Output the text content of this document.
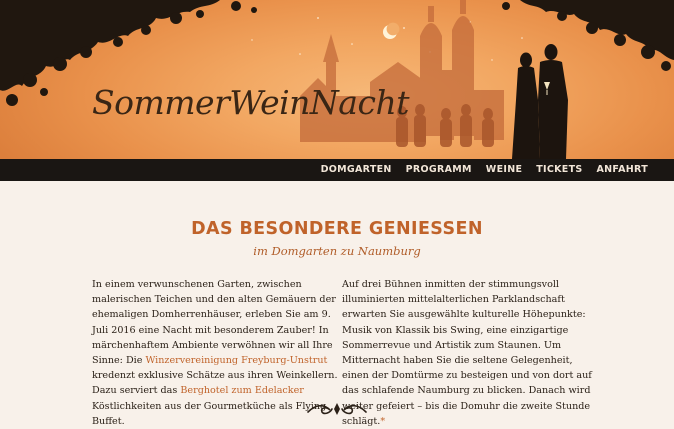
SommerWeinNacht
DOMGARTEN PROGRAMM WEINE TICKETS ANFAHRT
DAS BESONDERE GENIESSEN
im Domgarten zu Naumburg

In einem verwunschenen Garten, zwischen malerischen Teichen und den alten Gemäuern der ehemaligen Domherrenhäuser, erleben Sie am 9. Juli 2016 eine Nacht mit besonderem Zauber! In märchenhaftem Ambiente verwöhnen wir all Ihre Sinne: Die Winzervereinigung Freyburg-Unstrut kredenzt exklusive Schätze aus ihren Weinkellern. Dazu serviert das Berghotel zum Edelacker Köstlichkeiten aus der Gourmetküche als Flying Buffet.

Auf drei Bühnen inmitten der stimmungsvoll illuminierten mittelalterlichen Parklandschaft erwarten Sie ausgewählte kulturelle Höhepunkte: Musik von Klassik bis Swing, eine einzigartige Sommerrevue und Artistik zum Staunen. Um Mitternacht haben Sie die seltene Gelegenheit, einen der Domtürme zu besteigen und von dort auf das schlafende Naumburg zu blicken. Danach wird weiter gefeiert – bis die Domuhr die zweite Stunde schlägt.*
